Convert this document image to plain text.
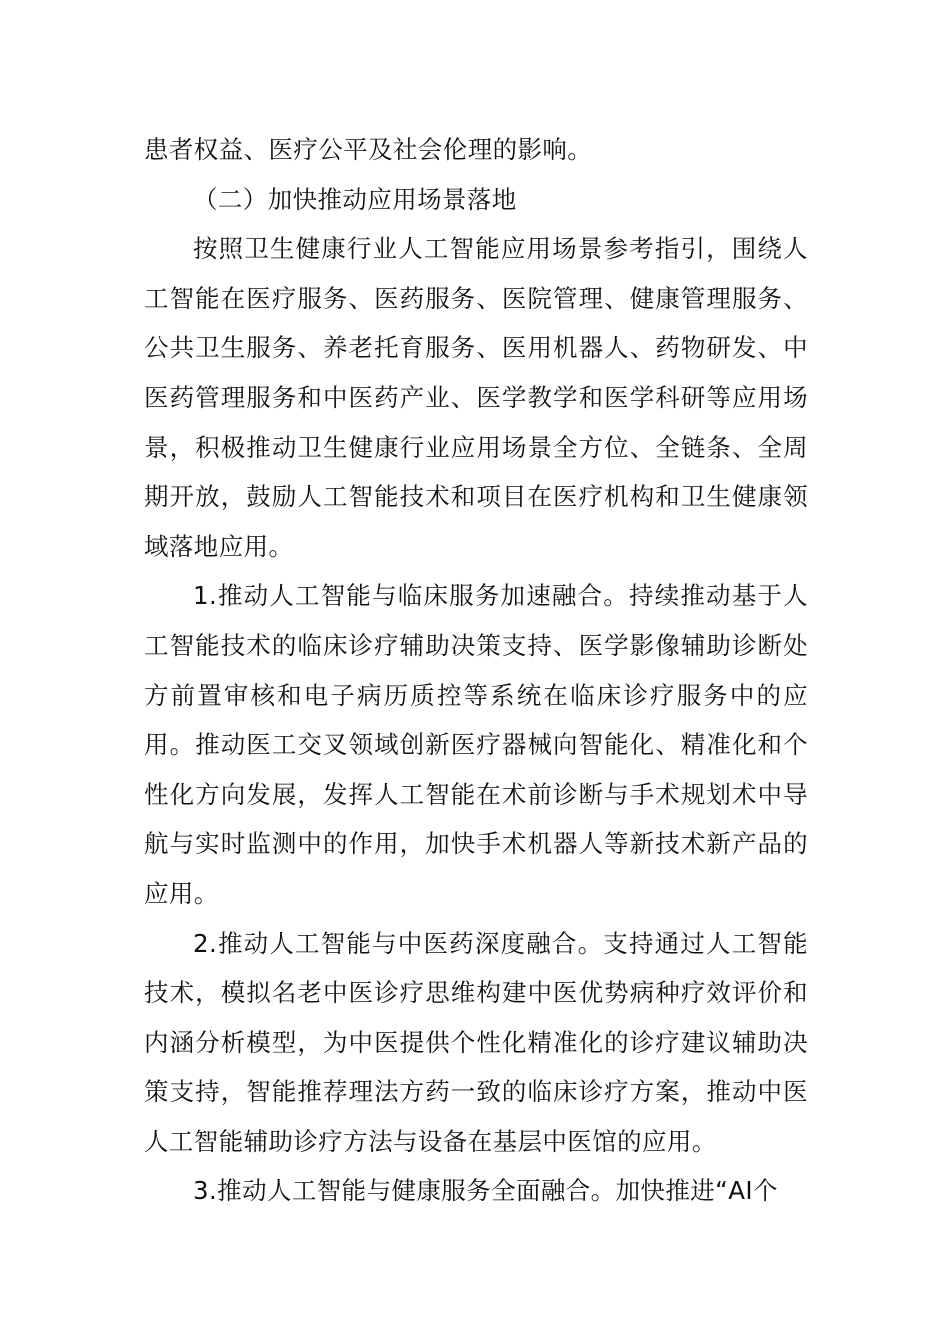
患者权益、医疗公平及社会伦理的影响。

（二）加快推动应用场景落地

按照卫生健康行业人工智能应用场景参考指引，围绕人工智能在医疗服务、医药服务、医院管理、健康管理服务、公共卫生服务、养老托育服务、医用机器人、药物研发、中医药管理服务和中医药产业、医学教学和医学科研等应用场景，积极推动卫生健康行业应用场景全方位、全链条、全周期开放，鼓励人工智能技术和项目在医疗机构和卫生健康领域落地应用。

1.推动人工智能与临床服务加速融合。持续推动基于人工智能技术的临床诊疗辅助决策支持、医学影像辅助诊断处方前置审核和电子病历质控等系统在临床诊疗服务中的应用。推动医工交叉领域创新医疗器械向智能化、精准化和个性化方向发展，发挥人工智能在术前诊断与手术规划术中导航与实时监测中的作用，加快手术机器人等新技术新产品的应用。

2.推动人工智能与中医药深度融合。支持通过人工智能技术，模拟名老中医诊疗思维构建中医优势病种疗效评价和内涵分析模型，为中医提供个性化精准化的诊疗建议辅助决策支持，智能推荐理法方药一致的临床诊疗方案，推动中医人工智能辅助诊疗方法与设备在基层中医馆的应用。

3.推动人工智能与健康服务全面融合。加快推进“AI个
